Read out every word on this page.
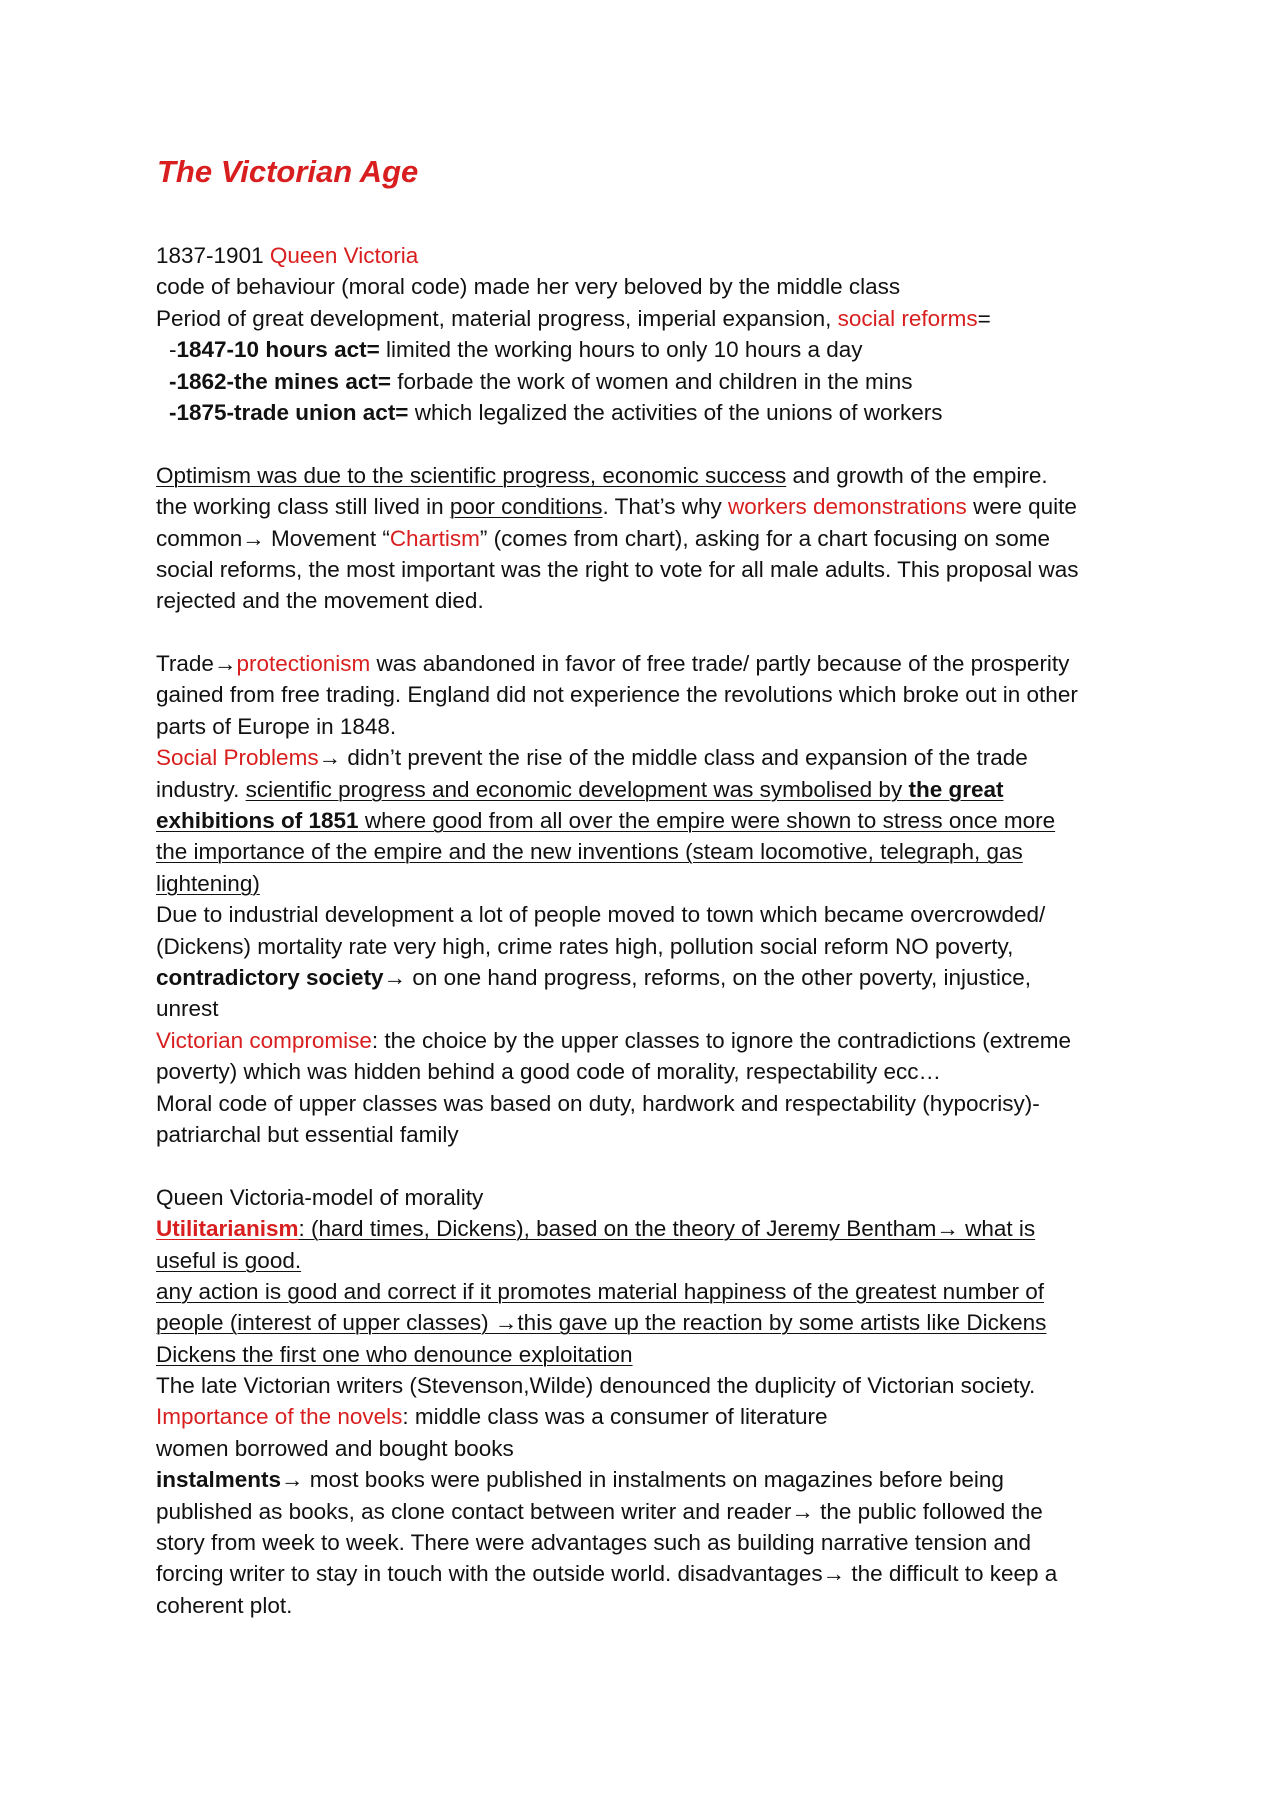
The Victorian Age
1837-1901 Queen Victoria
code of behaviour (moral code) made her very beloved by the middle class
Period of great development, material progress, imperial expansion, social reforms=
-1847-10 hours act= limited the working hours to only 10 hours a day
-1862-the mines act= forbade the work of women and children in the mins
-1875-trade union act= which legalized the activities of the unions of workers
Optimism was due to the scientific progress, economic success and growth of the empire.
the working class still lived in poor conditions. That’s why workers demonstrations were quite
common→ Movement “Chartism” (comes from chart), asking for a chart focusing on some
social reforms, the most important was the right to vote for all male adults. This proposal was
rejected and the movement died.
Trade→protectionism was abandoned in favor of free trade/ partly because of the prosperity
gained from free trading. England did not experience the revolutions which broke out in other
parts of Europe in 1848.
Social Problems→ didn’t prevent the rise of the middle class and expansion of the trade
industry. scientific progress and economic development was symbolised by the great
exhibitions of 1851 where good from all over the empire were shown to stress once more
the importance of the empire and the new inventions (steam locomotive, telegraph, gas
lightening)
Due to industrial development a lot of people moved to town which became overcrowded/
(Dickens) mortality rate very high, crime rates high, pollution social reform NO poverty,
contradictory society→ on one hand progress, reforms, on the other poverty, injustice,
unrest
Victorian compromise: the choice by the upper classes to ignore the contradictions (extreme
poverty) which was hidden behind a good code of morality, respectability ecc…
Moral code of upper classes was based on duty, hardwork and respectability (hypocrisy)-
patriarchal but essential family
Queen Victoria-model of morality
Utilitarianism: (hard times, Dickens), based on the theory of Jeremy Bentham→ what is
useful is good.
any action is good and correct if it promotes material happiness of the greatest number of
people (interest of upper classes) →this gave up the reaction by some artists like Dickens
Dickens the first one who denounce exploitation
The late Victorian writers (Stevenson,Wilde) denounced the duplicity of Victorian society.
Importance of the novels: middle class was a consumer of literature
women borrowed and bought books
instalments→ most books were published in instalments on magazines before being
published as books, as clone contact between writer and reader→ the public followed the
story from week to week. There were advantages such as building narrative tension and
forcing writer to stay in touch with the outside world. disadvantages→ the difficult to keep a
coherent plot.
